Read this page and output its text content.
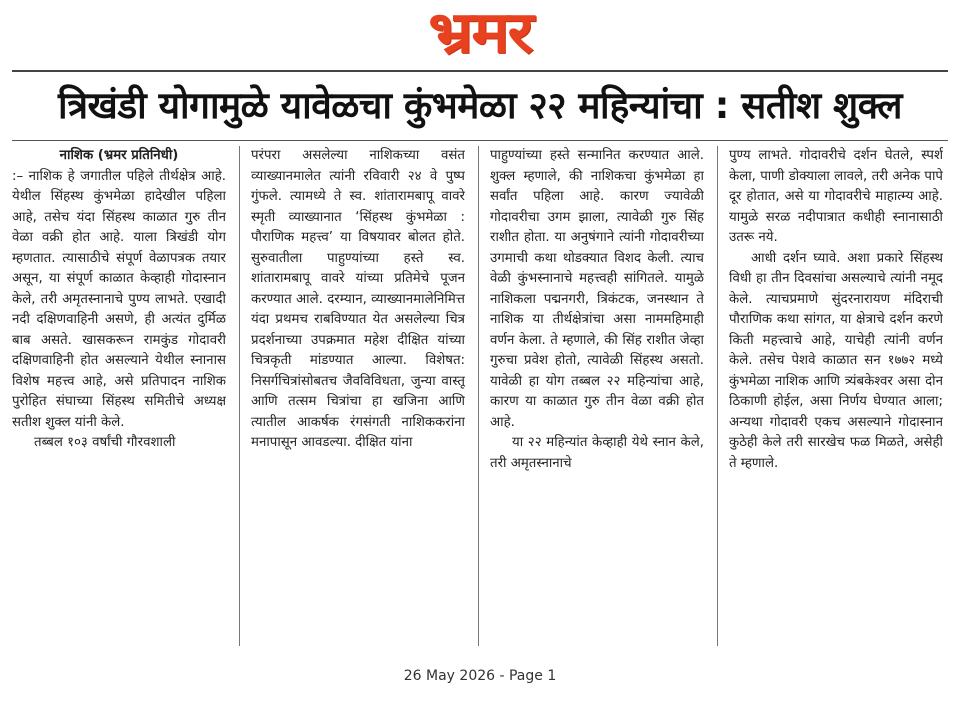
भ्रमर
त्रिखंडी योगामुळे यावेळचा कुंभमेळा २२ महिन्यांचा : सतीश शुक्ल

नाशिक (भ्रमर प्रतिनिधी)

:– नाशिक हे जगातील पहिले तीर्थक्षेत्र आहे. येथील सिंहस्थ कुंभमेळा हादेखील पहिला आहे, तसेच यंदा सिंहस्थ काळात गुरु तीन वेळा वक्री होत आहे. याला त्रिखंडी योग म्हणतात. त्यासाठीचे संपूर्ण वेळापत्रक तयार असून, या संपूर्ण काळात केव्हाही गोदास्नान केले, तरी अमृतस्नानाचे पुण्य लाभते. एखादी नदी दक्षिणवाहिनी असणे, ही अत्यंत दुर्मिळ बाब असते. खासकरून रामकुंड गोदावरी दक्षिणवाहिनी होत असल्याने येथील स्नानास विशेष महत्त्व आहे, असे प्रतिपादन नाशिक पुरोहित संघाच्या सिंहस्थ समितीचे अध्यक्ष सतीश शुक्ल यांनी केले.

तब्बल १०३ वर्षांची गौरवशाली

परंपरा असलेल्या नाशिकच्या वसंत व्याख्यानमालेत त्यांनी रविवारी २४ वे पुष्प गुंफले. त्यामध्ये ते स्व. शांतारामबापू वावरे स्मृती व्याख्यानात ‘सिंहस्थ कुंभमेळा : पौराणिक महत्त्व’ या विषयावर बोलत होते. सुरुवातीला पाहुण्यांच्या हस्ते स्व. शांतारामबापू वावरे यांच्या प्रतिमेचे पूजन करण्यात आले. दरम्यान, व्याख्यानमालेनिमित्त यंदा प्रथमच राबविण्यात येत असलेल्या चित्र प्रदर्शनाच्या उपक्रमात महेश दीक्षित यांच्या चित्रकृती मांडण्यात आल्या. विशेषत: निसर्गचित्रांसोबतच जैवविविधता, जुन्या वास्तू आणि तत्सम चित्रांचा हा खजिना आणि त्यातील आकर्षक रंगसंगती नाशिककरांना मनापासून आवडल्या. दीक्षित यांना

पाहुण्यांच्या हस्ते सन्मानित करण्यात आले. शुक्ल म्हणाले, की नाशिकचा कुंभमेळा हा सर्वांत पहिला आहे. कारण ज्यावेळी गोदावरीचा उगम झाला, त्यावेळी गुरु सिंह राशीत होता. या अनुषंगाने त्यांनी गोदावरीच्या उगमाची कथा थोडक्यात विशद केली. त्याच वेळी कुंभस्नानाचे महत्त्वही सांगितले. यामुळे नाशिकला पद्मनगरी, त्रिकंटक, जनस्थान ते नाशिक या तीर्थक्षेत्रांचा असा नाममहिमाही वर्णन केला. ते म्हणाले, की सिंह राशीत जेव्हा गुरुचा प्रवेश होतो, त्यावेळी सिंहस्थ असतो. यावेळी हा योग तब्बल २२ महिन्यांचा आहे, कारण या काळात गुरु तीन वेळा वक्री होत आहे.

या २२ महिन्यांत केव्हाही येथे स्नान केले, तरी अमृतस्नानाचे

पुण्य लाभते. गोदावरीचे दर्शन घेतले, स्पर्श केला, पाणी डोक्याला लावले, तरी अनेक पापे दूर होतात, असे या गोदावरीचे माहात्म्य आहे. यामुळे सरळ नदीपात्रात कधीही स्नानासाठी उतरू नये.

आधी दर्शन घ्यावे. अशा प्रकारे सिंहस्थ विधी हा तीन दिवसांचा असल्याचे त्यांनी नमूद केले. त्याचप्रमाणे सुंदरनारायण मंदिराची पौराणिक कथा सांगत, या क्षेत्राचे दर्शन करणे किती महत्त्वाचे आहे, याचेही त्यांनी वर्णन केले. तसेच पेशवे काळात सन १७७२ मध्ये कुंभमेळा नाशिक आणि त्र्यंबकेश्वर असा दोन ठिकाणी होईल, असा निर्णय घेण्यात आला; अन्यथा गोदावरी एकच असल्याने गोदास्नान कुठेही केले तरी सारखेच फळ मिळते, असेही ते म्हणाले.

26 May 2026 - Page 1
